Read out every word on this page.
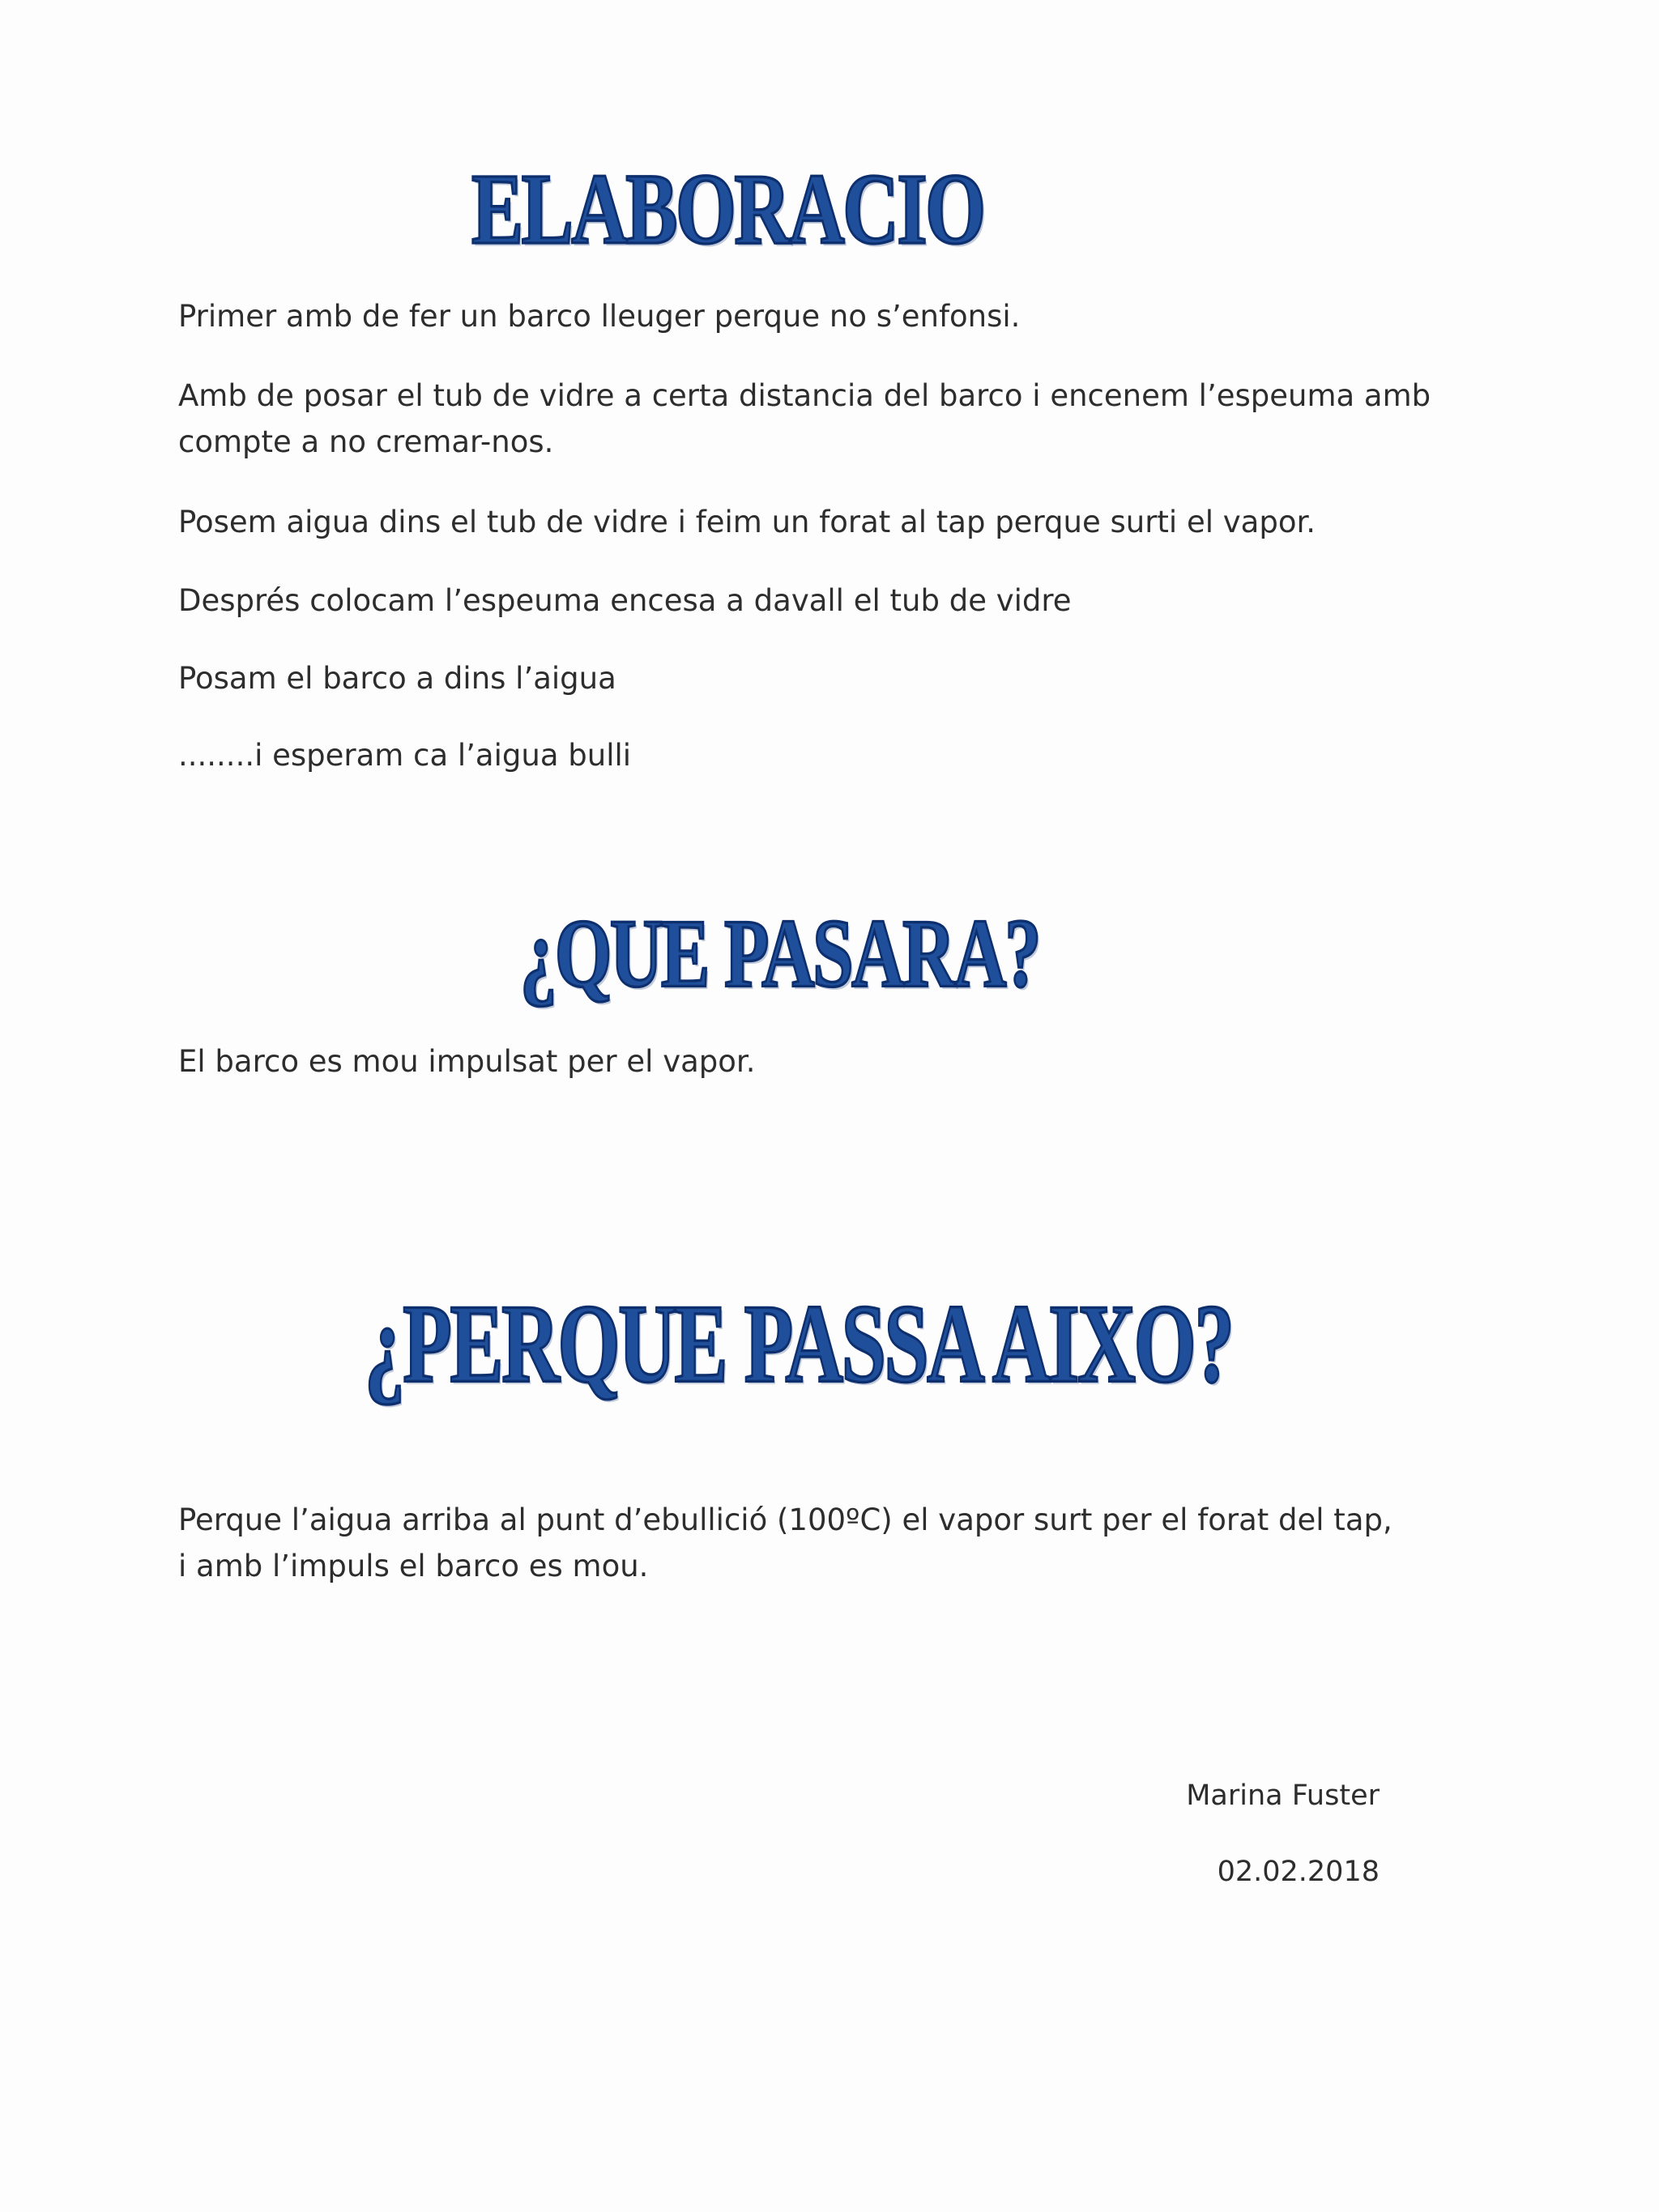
ELABORACIO

Primer amb de fer un barco lleuger perque no s’enfonsi.

Amb de posar el tub de vidre a certa distancia del barco i encenem l’espeuma amb compte a no cremar-nos.

Posem aigua dins el tub de vidre i feim un forat al tap perque surti el vapor.

Després colocam l’espeuma encesa a davall el tub de vidre

Posam el barco a dins l’aigua

........i esperam ca l’aigua bulli

¿QUE PASARA?

El barco es mou impulsat per el vapor.

¿PERQUE PASSA AIXO?

Perque l’aigua arriba al punt d’ebullició (100ºC) el vapor surt per el forat del tap, i amb l’impuls el barco es mou.

Marina Fuster

02.02.2018
